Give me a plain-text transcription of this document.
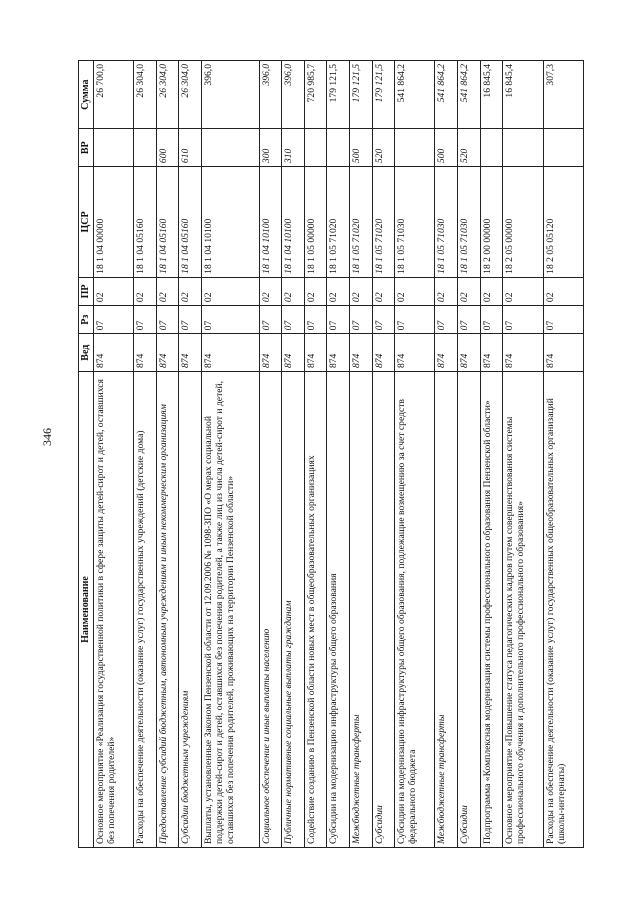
346
Наименование	Вед	Рз	ПР	ЦСР	ВР	Сумма
Основное мероприятие «Реализация государственной политики в сфере защиты детей-сирот и детей, оставшихся без попечения родителей»	874	07	02	18 1 04 00000		26 700,0
Расходы на обеспечение деятельности (оказание услуг) государственных учреждений (детские дома)	874	07	02	18 1 04 05160		26 304,0
Предоставление субсидий бюджетным, автономным учреждениям и иным некоммерческим организациям	874	07	02	18 1 04 05160	600	26 304,0
Субсидии бюджетным учреждениям	874	07	02	18 1 04 05160	610	26 304,0
Выплаты, установленные Законом Пензенской области от 12.09.2006 № 1098-ЗПО «О мерах социальной поддержки детей-сирот и детей, оставшихся без попечения родителей, а также лиц из числа детей-сирот и детей, оставшихся без попечения родителей, проживающих на территории Пензенской области»	874	07	02	18 1 04 10100		396,0
Социальное обеспечение и иные выплаты населению	874	07	02	18 1 04 10100	300	396,0
Публичные нормативные социальные выплаты гражданам	874	07	02	18 1 04 10100	310	396,0
Содействие созданию в Пензенской области новых мест в общеобразовательных организациях	874	07	02	18 1 05 00000		720 985,7
Субсидии на модернизацию инфраструктуры общего образования	874	07	02	18 1 05 71020		179 121,5
Межбюджетные трансферты	874	07	02	18 1 05 71020	500	179 121,5
Субсидии	874	07	02	18 1 05 71020	520	179 121,5
Субсидии на модернизацию инфраструктуры общего образования, подлежащие возмещению за счет средств федерального бюджета	874	07	02	18 1 05 71030		541 864,2
Межбюджетные трансферты	874	07	02	18 1 05 71030	500	541 864,2
Субсидии	874	07	02	18 1 05 71030	520	541 864,2
Подпрограмма «Комплексная модернизация системы профессионального образования Пензенской области»	874	07	02	18 2 00 00000		16 845,4
Основное мероприятие «Повышение статуса педагогических кадров путем совершенствования системы профессионального обучения и дополнительного профессионального образования»	874	07	02	18 2 05 00000		16 845,4
Расходы на обеспечение деятельности (оказание услуг) государственных общеобразовательных организаций (школы-интернаты)	874	07	02	18 2 05 05120		307,3
